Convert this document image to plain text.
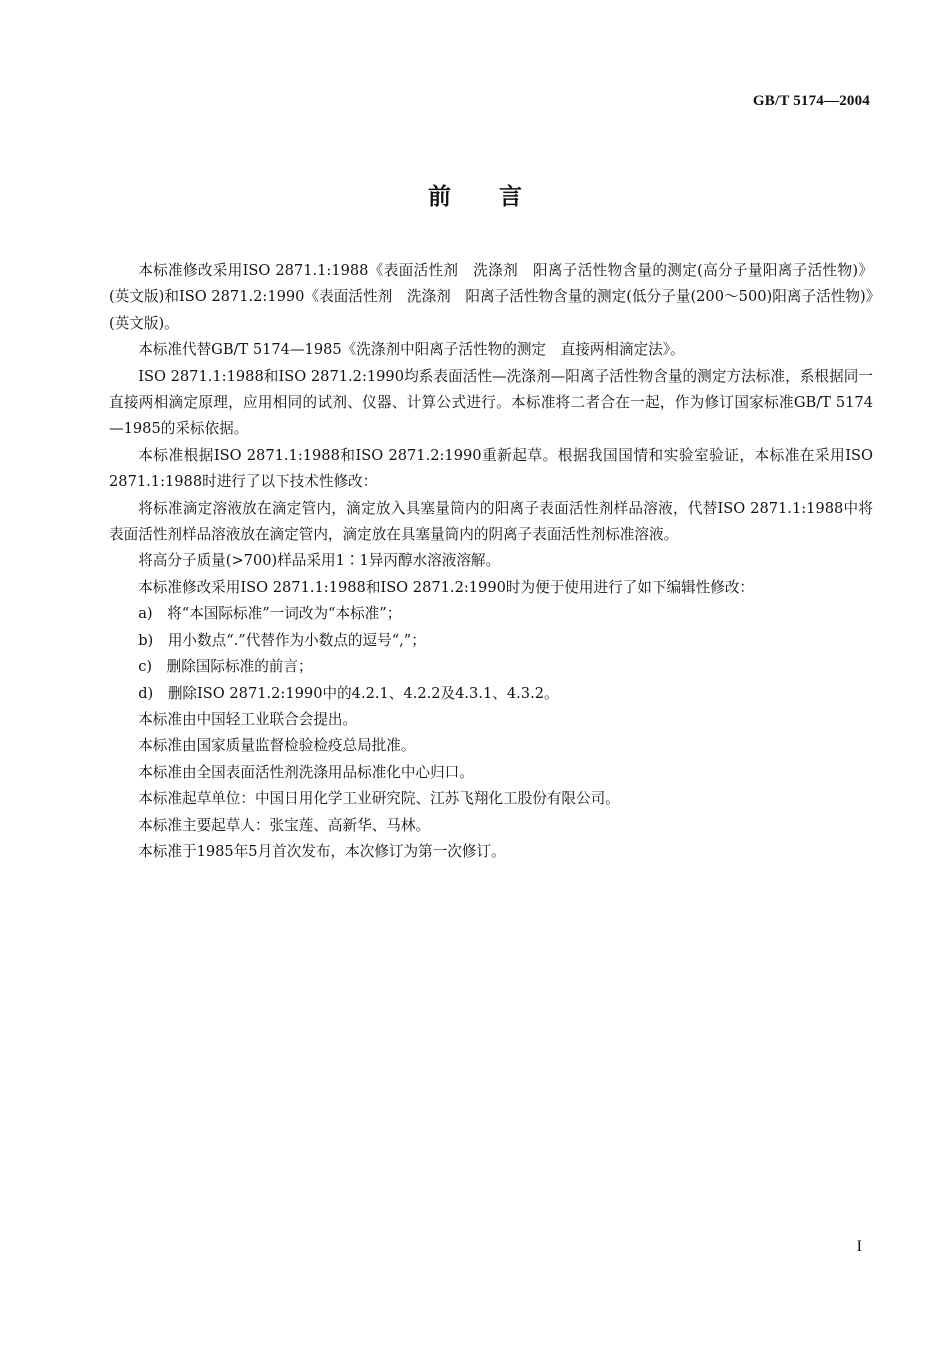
GB/T 5174—2004
前言

本标准修改采用ISO 2871.1:1988《表面活性剂　洗涤剂　阳离子活性物含量的测定(高分子量阳离子活性物)》(英文版)和ISO 2871.2:1990《表面活性剂　洗涤剂　阳离子活性物含量的测定(低分子量(200～500)阳离子活性物)》(英文版)。

本标准代替GB/T 5174—1985《洗涤剂中阳离子活性物的测定　直接两相滴定法》。

ISO 2871.1:1988和ISO 2871.2:1990均系表面活性—洗涤剂—阳离子活性物含量的测定方法标准，系根据同一直接两相滴定原理，应用相同的试剂、仪器、计算公式进行。本标准将二者合在一起，作为修订国家标准GB/T 5174—1985的采标依据。

本标准根据ISO 2871.1:1988和ISO 2871.2:1990重新起草。根据我国国情和实验室验证，本标准在采用ISO 2871.1:1988时进行了以下技术性修改：

将标准滴定溶液放在滴定管内，滴定放入具塞量筒内的阳离子表面活性剂样品溶液，代替ISO 2871.1:1988中将表面活性剂样品溶液放在滴定管内，滴定放在具塞量筒内的阴离子表面活性剂标准溶液。

将高分子质量(>700)样品采用1∶1异丙醇水溶液溶解。

本标准修改采用ISO 2871.1:1988和ISO 2871.2:1990时为便于使用进行了如下编辑性修改：

a)　将“本国际标准”一词改为“本标准”；

b)　用小数点“.”代替作为小数点的逗号“,”；

c)　删除国际标准的前言；

d)　删除ISO 2871.2:1990中的4.2.1、4.2.2及4.3.1、4.3.2。

本标准由中国轻工业联合会提出。

本标准由国家质量监督检验检疫总局批准。

本标准由全国表面活性剂洗涤用品标准化中心归口。

本标准起草单位：中国日用化学工业研究院、江苏飞翔化工股份有限公司。

本标准主要起草人：张宝莲、高新华、马林。

本标准于1985年5月首次发布，本次修订为第一次修订。

I
